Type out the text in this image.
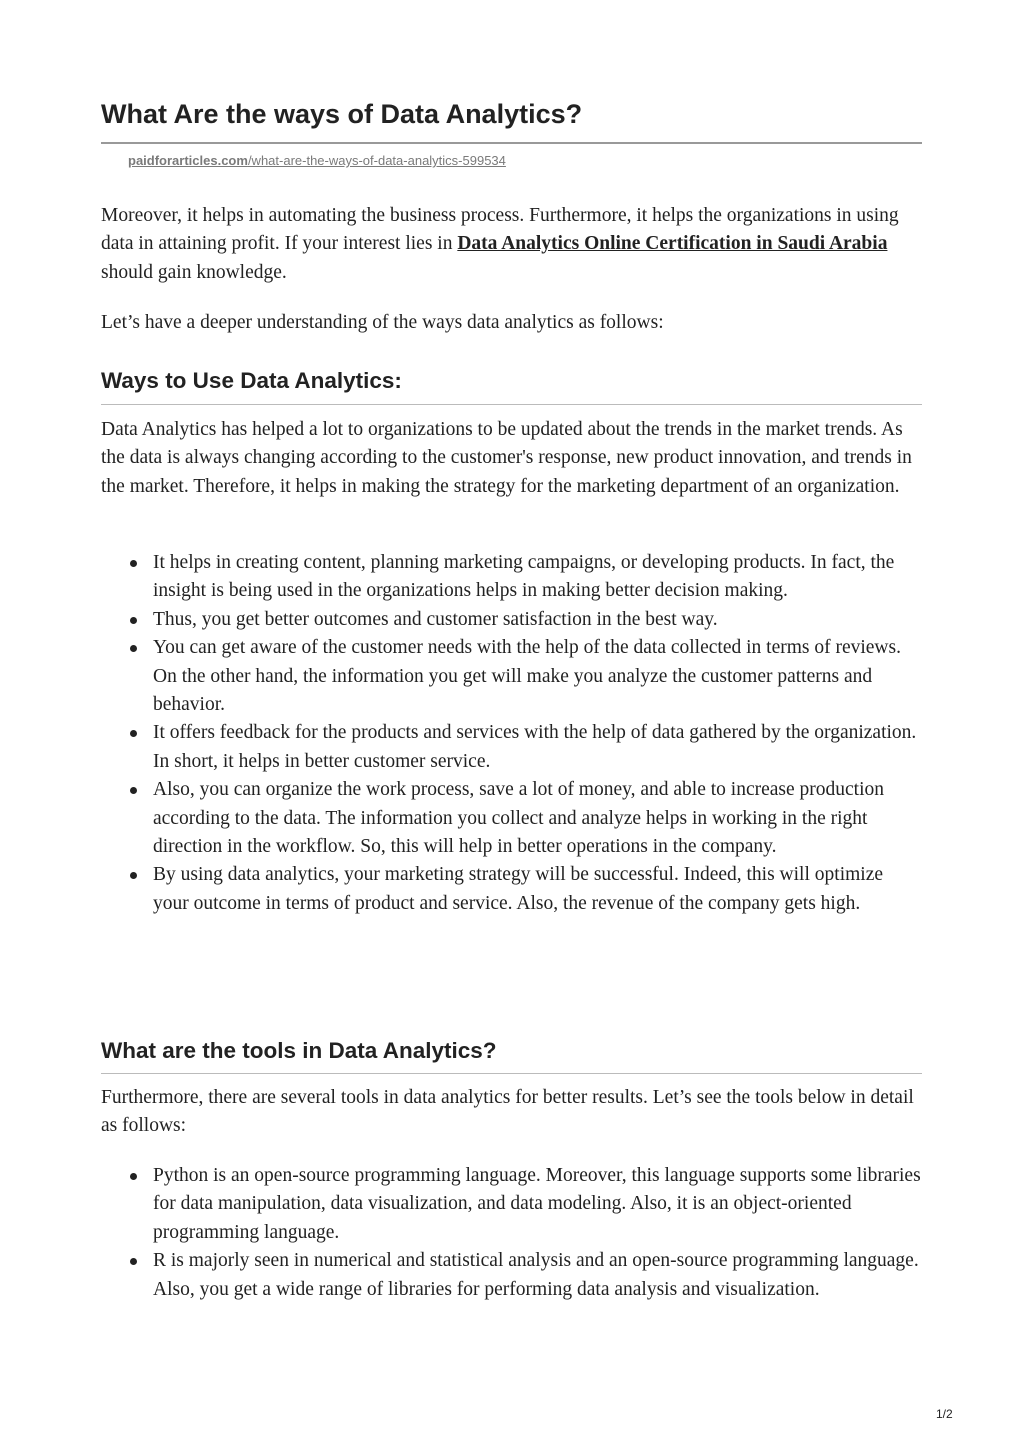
What Are the ways of Data Analytics?
paidforarticles.com/what-are-the-ways-of-data-analytics-599534

Moreover, it helps in automating the business process. Furthermore, it helps the organizations in using data in attaining profit. If your interest lies in Data Analytics Online Certification in Saudi Arabia should gain knowledge.

Let’s have a deeper understanding of the ways data analytics as follows:

Ways to Use Data Analytics:

Data Analytics has helped a lot to organizations to be updated about the trends in the market trends. As the data is always changing according to the customer's response, new product innovation, and trends in the market. Therefore, it helps in making the strategy for the marketing department of an organization.

It helps in creating content, planning marketing campaigns, or developing products. In fact, the insight is being used in the organizations helps in making better decision making.
Thus, you get better outcomes and customer satisfaction in the best way.
You can get aware of the customer needs with the help of the data collected in terms of reviews. On the other hand, the information you get will make you analyze the customer patterns and behavior.
It offers feedback for the products and services with the help of data gathered by the organization. In short, it helps in better customer service.
Also, you can organize the work process, save a lot of money, and able to increase production according to the data. The information you collect and analyze helps in working in the right direction in the workflow. So, this will help in better operations in the company.
By using data analytics, your marketing strategy will be successful. Indeed, this will optimize your outcome in terms of product and service. Also, the revenue of the company gets high.
What are the tools in Data Analytics?

Furthermore, there are several tools in data analytics for better results. Let’s see the tools below in detail as follows:

Python is an open-source programming language. Moreover, this language supports some libraries for data manipulation, data visualization, and data modeling. Also, it is an object-oriented programming language.
R is majorly seen in numerical and statistical analysis and an open-source programming language. Also, you get a wide range of libraries for performing data analysis and visualization.
1/2
